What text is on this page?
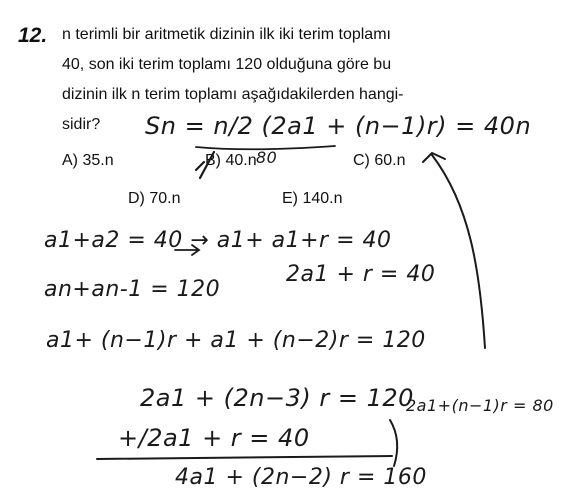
12. n terimli bir aritmetik dizinin ilk iki terim toplamı
40, son iki terim toplamı 120 olduğuna göre bu
dizinin ilk n terim toplamı aşağıdakilerden hangi-
sidir?
A) 35.n	B) 40.n	C) 60.n
D) 70.n	E) 140.n
Sn = n/2 (2a1 + (n−1)r) = 40n
80
a1+a2 = 40 → a1+ a1+r = 40
2a1 + r = 40
an+an-1 = 120
a1+ (n−1)r + a1 + (n−2)r = 120
2a1 + (2n−3) r = 120
+/2a1 + r = 40
4a1 + (2n−2) r = 160
2a1+(n−1)r = 80
